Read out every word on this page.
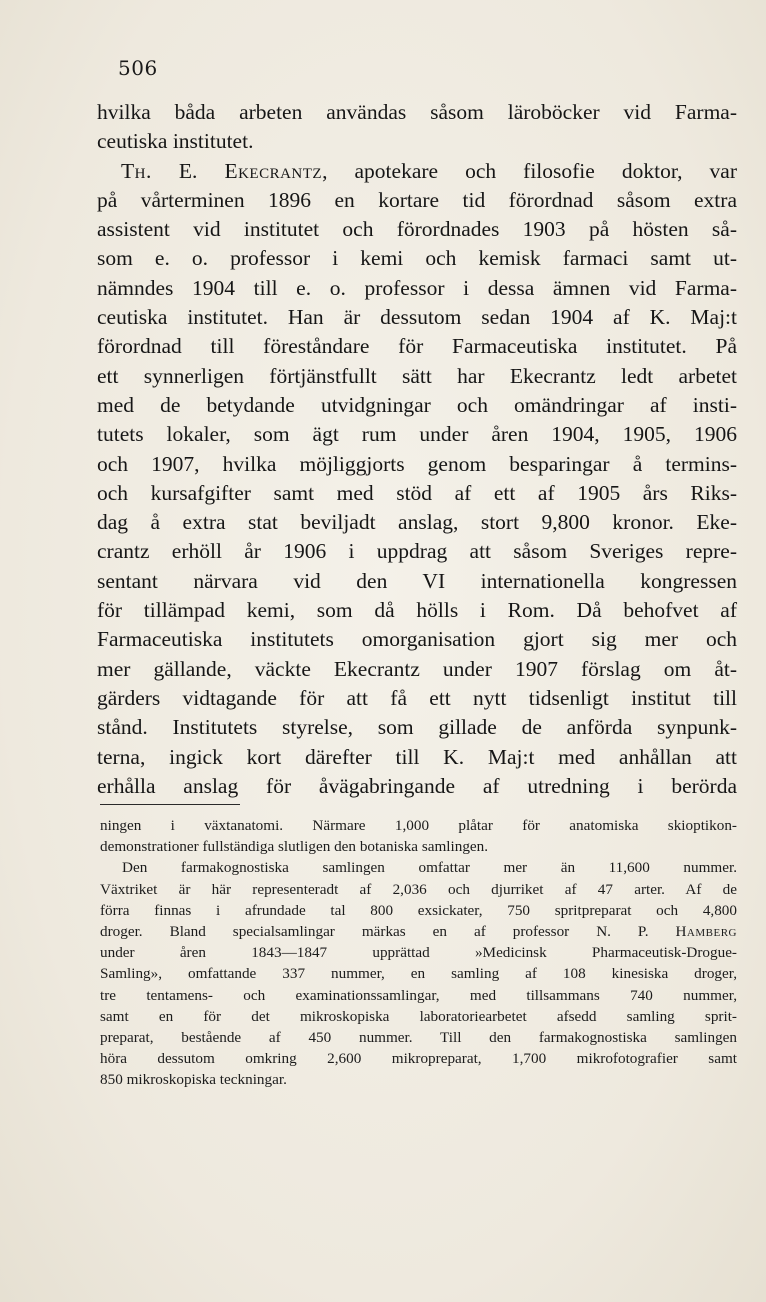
506
hvilka båda arbeten användas såsom läroböcker vid Farma-
ceutiska institutet.
Th. E. Ekecrantz, apotekare och filosofie doktor, var
på vårterminen 1896 en kortare tid förordnad såsom extra
assistent vid institutet och förordnades 1903 på hösten så-
som e. o. professor i kemi och kemisk farmaci samt ut-
nämndes 1904 till e. o. professor i dessa ämnen vid Farma-
ceutiska institutet. Han är dessutom sedan 1904 af K. Maj:t
förordnad till föreståndare för Farmaceutiska institutet. På
ett synnerligen förtjänstfullt sätt har Ekecrantz ledt arbetet
med de betydande utvidgningar och omändringar af insti-
tutets lokaler, som ägt rum under åren 1904, 1905, 1906
och 1907, hvilka möjliggjorts genom besparingar å termins-
och kursafgifter samt med stöd af ett af 1905 års Riks-
dag å extra stat beviljadt anslag, stort 9,800 kronor. Eke-
crantz erhöll år 1906 i uppdrag att såsom Sveriges repre-
sentant närvara vid den VI internationella kongressen
för tillämpad kemi, som då hölls i Rom. Då behofvet af
Farmaceutiska institutets omorganisation gjort sig mer och
mer gällande, väckte Ekecrantz under 1907 förslag om åt-
gärders vidtagande för att få ett nytt tidsenligt institut till
stånd. Institutets styrelse, som gillade de anförda synpunk-
terna, ingick kort därefter till K. Maj:t med anhållan att
erhålla anslag för åvägabringande af utredning i berörda
ningen i växtanatomi. Närmare 1,000 plåtar för anatomiska skioptikon-
demonstrationer fullständiga slutligen den botaniska samlingen.
Den farmakognostiska samlingen omfattar mer än 11,600 nummer.
Växtriket är här representeradt af 2,036 och djurriket af 47 arter. Af de
förra finnas i afrundade tal 800 exsickater, 750 spritpreparat och 4,800
droger. Bland specialsamlingar märkas en af professor N. P. Hamberg
under åren 1843—1847 upprättad »Medicinsk Pharmaceutisk-Drogue-
Samling», omfattande 337 nummer, en samling af 108 kinesiska droger,
tre tentamens- och examinationssamlingar, med tillsammans 740 nummer,
samt en för det mikroskopiska laboratoriearbetet afsedd samling sprit-
preparat, bestående af 450 nummer. Till den farmakognostiska samlingen
höra dessutom omkring 2,600 mikropreparat, 1,700 mikrofotografier samt
850 mikroskopiska teckningar.
